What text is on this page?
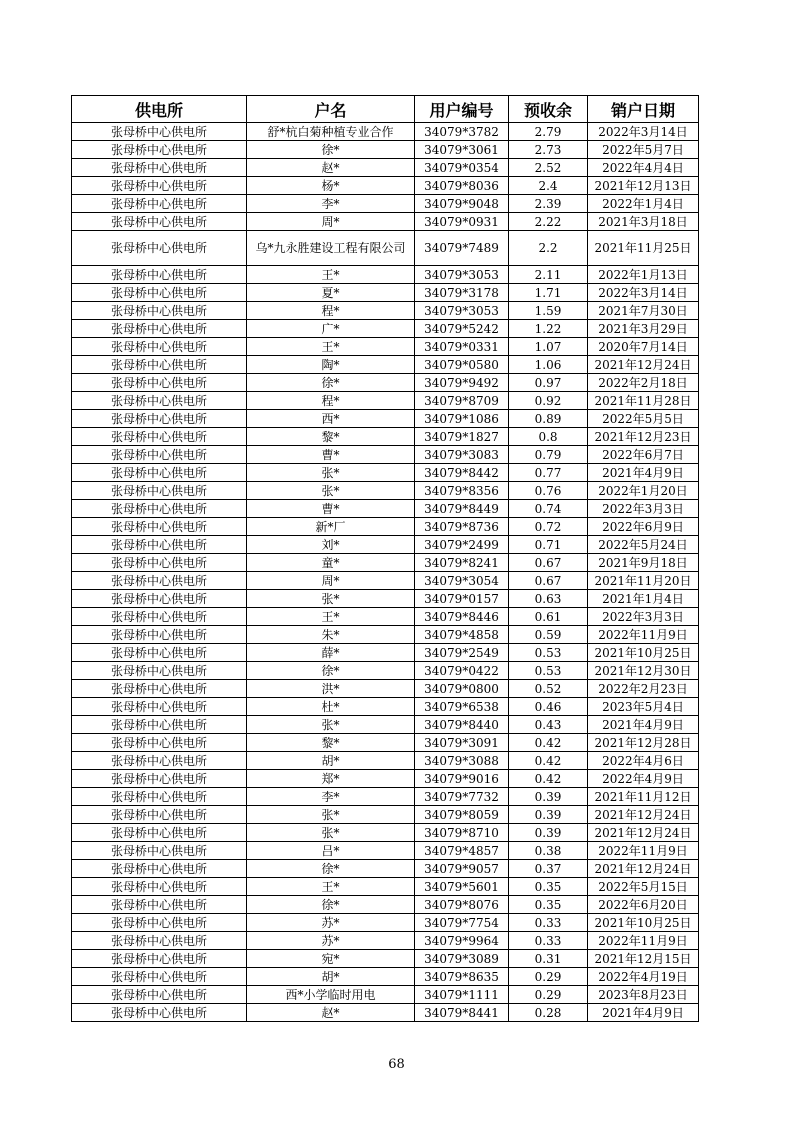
供电所	户名	用户编号	预收余	销户日期
张母桥中心供电所	舒*杭白菊种植专业合作	34079*3782	2.79	2022年3月14日
张母桥中心供电所	徐*	34079*3061	2.73	2022年5月7日
张母桥中心供电所	赵*	34079*0354	2.52	2022年4月4日
张母桥中心供电所	杨*	34079*8036	2.4	2021年12月13日
张母桥中心供电所	李*	34079*9048	2.39	2022年1月4日
张母桥中心供电所	周*	34079*0931	2.22	2021年3月18日
张母桥中心供电所	乌*九永胜建设工程有限公司	34079*7489	2.2	2021年11月25日
张母桥中心供电所	王*	34079*3053	2.11	2022年1月13日
张母桥中心供电所	夏*	34079*3178	1.71	2022年3月14日
张母桥中心供电所	程*	34079*3053	1.59	2021年7月30日
张母桥中心供电所	广*	34079*5242	1.22	2021年3月29日
张母桥中心供电所	王*	34079*0331	1.07	2020年7月14日
张母桥中心供电所	陶*	34079*0580	1.06	2021年12月24日
张母桥中心供电所	徐*	34079*9492	0.97	2022年2月18日
张母桥中心供电所	程*	34079*8709	0.92	2021年11月28日
张母桥中心供电所	西*	34079*1086	0.89	2022年5月5日
张母桥中心供电所	黎*	34079*1827	0.8	2021年12月23日
张母桥中心供电所	曹*	34079*3083	0.79	2022年6月7日
张母桥中心供电所	张*	34079*8442	0.77	2021年4月9日
张母桥中心供电所	张*	34079*8356	0.76	2022年1月20日
张母桥中心供电所	曹*	34079*8449	0.74	2022年3月3日
张母桥中心供电所	新*厂	34079*8736	0.72	2022年6月9日
张母桥中心供电所	刘*	34079*2499	0.71	2022年5月24日
张母桥中心供电所	童*	34079*8241	0.67	2021年9月18日
张母桥中心供电所	周*	34079*3054	0.67	2021年11月20日
张母桥中心供电所	张*	34079*0157	0.63	2021年1月4日
张母桥中心供电所	王*	34079*8446	0.61	2022年3月3日
张母桥中心供电所	朱*	34079*4858	0.59	2022年11月9日
张母桥中心供电所	薛*	34079*2549	0.53	2021年10月25日
张母桥中心供电所	徐*	34079*0422	0.53	2021年12月30日
张母桥中心供电所	洪*	34079*0800	0.52	2022年2月23日
张母桥中心供电所	杜*	34079*6538	0.46	2023年5月4日
张母桥中心供电所	张*	34079*8440	0.43	2021年4月9日
张母桥中心供电所	黎*	34079*3091	0.42	2021年12月28日
张母桥中心供电所	胡*	34079*3088	0.42	2022年4月6日
张母桥中心供电所	郑*	34079*9016	0.42	2022年4月9日
张母桥中心供电所	李*	34079*7732	0.39	2021年11月12日
张母桥中心供电所	张*	34079*8059	0.39	2021年12月24日
张母桥中心供电所	张*	34079*8710	0.39	2021年12月24日
张母桥中心供电所	吕*	34079*4857	0.38	2022年11月9日
张母桥中心供电所	徐*	34079*9057	0.37	2021年12月24日
张母桥中心供电所	王*	34079*5601	0.35	2022年5月15日
张母桥中心供电所	徐*	34079*8076	0.35	2022年6月20日
张母桥中心供电所	苏*	34079*7754	0.33	2021年10月25日
张母桥中心供电所	苏*	34079*9964	0.33	2022年11月9日
张母桥中心供电所	宛*	34079*3089	0.31	2021年12月15日
张母桥中心供电所	胡*	34079*8635	0.29	2022年4月19日
张母桥中心供电所	西*小学临时用电	34079*1111	0.29	2023年8月23日
张母桥中心供电所	赵*	34079*8441	0.28	2021年4月9日
68
